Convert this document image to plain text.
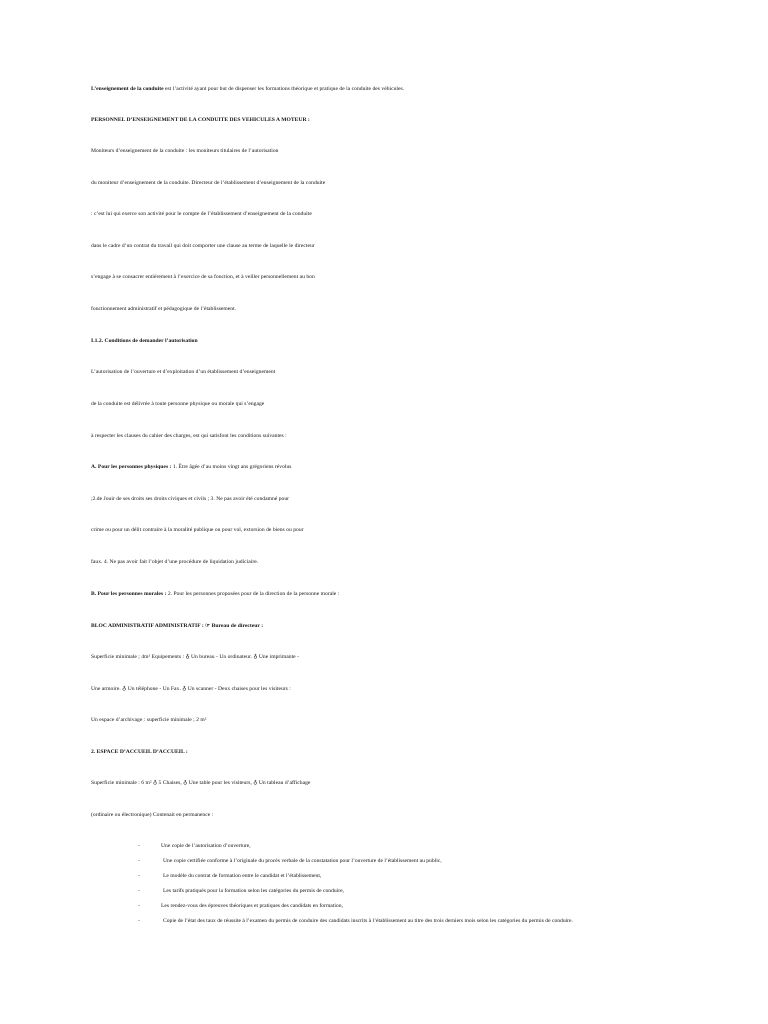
L’enseignement de la conduite est l’activité ayant pour but de dispenser les formations théorique et pratique de la conduite des véhicules.
PERSONNEL D’ENSEIGNEMENT DE LA CONDUITE DES VEHICULES A MOTEUR :
Moniteurs d’enseignement de la conduite : les moniteurs titulaires de l’autorisation
du moniteur d’enseignement de la conduite. Directeur de l’établissement d’enseignement de la conduite
: c’est lui qui exerce son activité pour le compte de l’établissement d’enseignement de la conduite
dans le cadre d’un contrat du travail qui doit comporter une clause au terme de laquelle le directeur
s’engage à se consacrer entièrement à l’exercice de sa fonction, et à veiller personnellement au bon
fonctionnement administratif et pédagogique de l’établissement.
I.1.2. Conditions de demander l’autorisation
L’autorisation de l’ouverture et d’exploitation d’un établissement d’enseignement
de la conduite est délivrée à toute personne physique ou morale qui s’engage
à respecter les clauses du cahier des charges, est qui satisfont les conditions suivantes :
A. Pour les personnes physiques : 1. Être âgée d’au moins vingt ans grégoriens révolus
;2.de Jouir de ses droits ses droits civiques et civils ; 3. Ne pas avoir été condamné pour
crime ou pour un délit contraire à la moralité publique ou pour vol, extorsion de biens ou pour
faux. 4. Ne pas avoir fait l’objet d’une procédure de liquidation judiciaire.
B. Pour les personnes morales : 2. Pour les personnes proposées pour de la direction de la personne morale :
BLOC ADMINISTRATIF ADMINISTRATIF : ☞ Bureau de directeur :
Superficie minimale ; 4m² Equipements : ♁ Un bureau - Un ordinateur. ♁ Une imprimante -
Une armoire. ♁ Un téléphone - Un Fax. ♁ Un scanner - Deux chaises pour les visiteurs :
Un espace d’archivage : superficie minimale ; 2 m²
2. ESPACE D’ACCUEIL D’ACCUEIL :
Superficie minimale : 6 m² ♁ 5 Chaises, ♁ Une table pour les visiteurs, ♁ Un tableau d’affichage
(ordinaire ou électronique) Contenait en permanence :
-	Une copie de l’autorisation d’ouverture,
-	Une copie certifiée conforme à l’originale du procès verbale de la constatation pour l’ouverture de l’établissement au public,
-	Le modèle du contrat de formation entre le candidat et l’établissement,
-	Les tarifs pratiqués pour la formation selon les catégories du permis de conduire,
-	Les rendez-vous des épreuves théoriques et pratiques des candidats en formation,
-	Copie de l’état des taux de réussite à l’examen du permis de conduire des candidats inscrits à l’établissement au titre des trois derniers mois selon les catégories du permis de conduire.
